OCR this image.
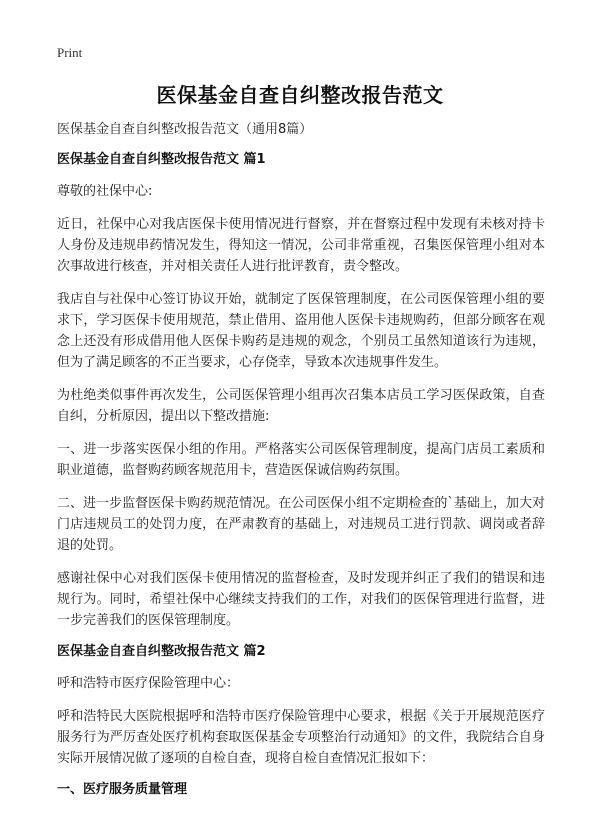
Print
医保基金自查自纠整改报告范文

医保基金自查自纠整改报告范文（通用8篇）

医保基金自查自纠整改报告范文 篇1

尊敬的社保中心:

近日，社保中心对我店医保卡使用情况进行督察，并在督察过程中发现有未核对持卡人身份及违规串药情况发生，得知这一情况，公司非常重视，召集医保管理小组对本次事故进行核查，并对相关责任人进行批评教育，责令整改。

我店自与社保中心签订协议开始，就制定了医保管理制度，在公司医保管理小组的要求下，学习医保卡使用规范，禁止借用、盗用他人医保卡违规购药，但部分顾客在观念上还没有形成借用他人医保卡购药是违规的观念，个别员工虽然知道该行为违规，但为了满足顾客的不正当要求，心存侥幸，导致本次违规事件发生。

为杜绝类似事件再次发生，公司医保管理小组再次召集本店员工学习医保政策，自查自纠，分析原因，提出以下整改措施:

一、进一步落实医保小组的作用。严格落实公司医保管理制度，提高门店员工素质和职业道德，监督购药顾客规范用卡，营造医保诚信购药氛围。

二、进一步监督医保卡购药规范情况。在公司医保小组不定期检查的`基础上，加大对门店违规员工的处罚力度，在严肃教育的基础上，对违规员工进行罚款、调岗或者辞退的处罚。

感谢社保中心对我们医保卡使用情况的监督检查，及时发现并纠正了我们的错误和违规行为。同时，希望社保中心继续支持我们的工作，对我们的医保管理进行监督，进一步完善我们的医保管理制度。

医保基金自查自纠整改报告范文 篇2

呼和浩特市医疗保险管理中心：

呼和浩特民大医院根据呼和浩特市医疗保险管理中心要求，根据《关于开展规范医疗服务行为严厉查处医疗机构套取医保基金专项整治行动通知》的文件，我院结合自身实际开展情况做了逐项的自检自查，现将自检自查情况汇报如下：

一、医疗服务质量管理
